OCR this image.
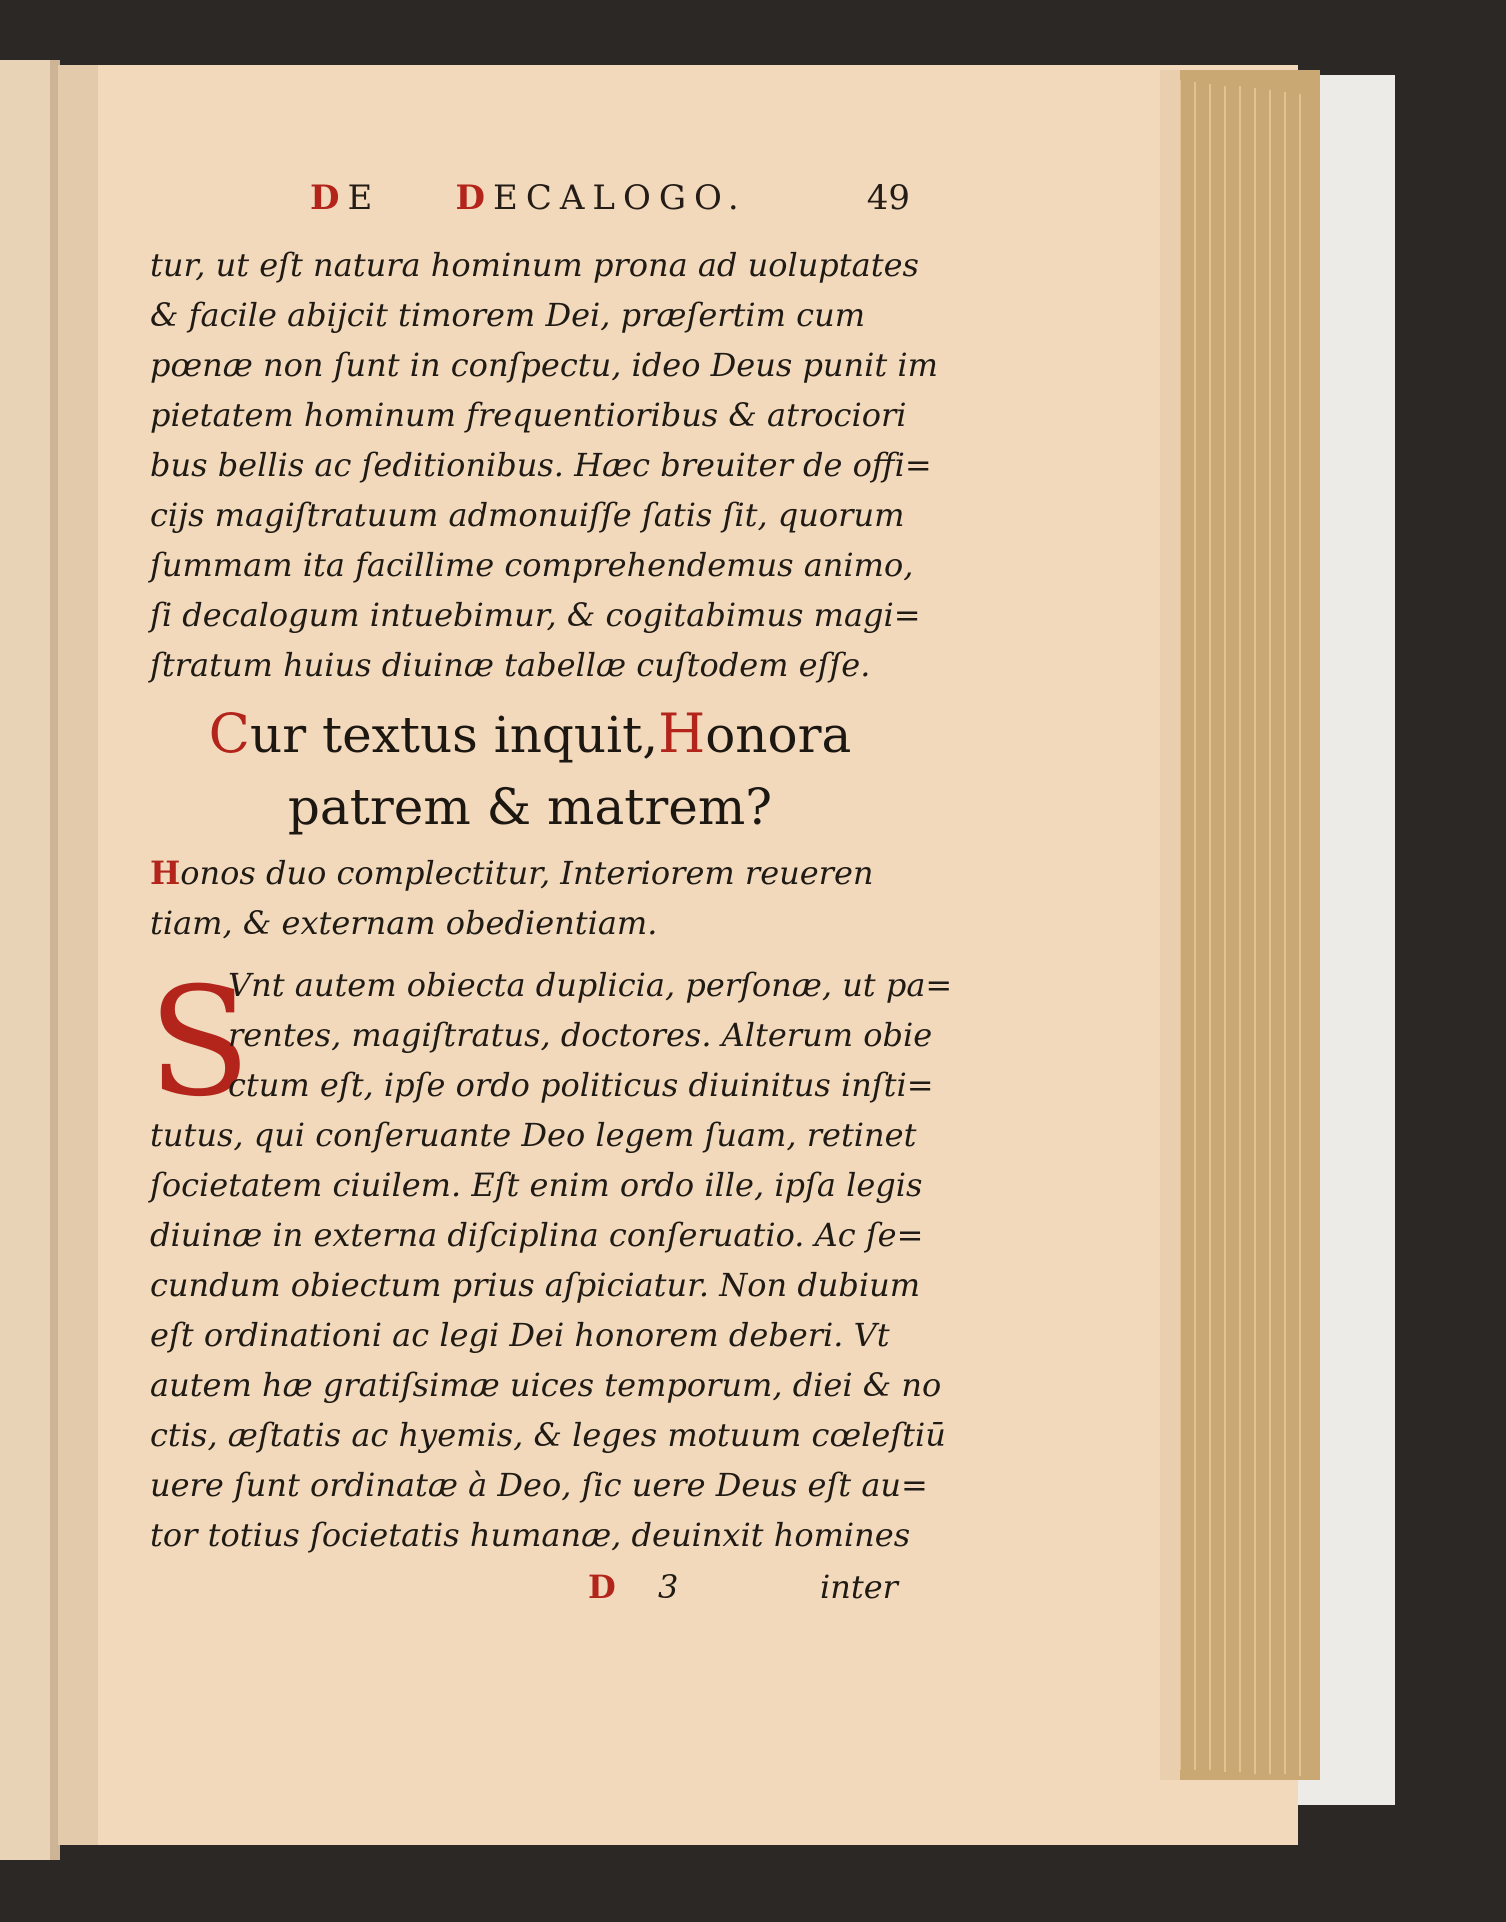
DE DECALOGO.	49
tur, ut eſt natura hominum prona ad uoluptates
& facile abijcit timorem Dei, præſertim cum
pœnæ non ſunt in conſpectu, ideo Deus punit im
pietatem hominum frequentioribus & atrociori
bus bellis ac ſeditionibus. Hæc breuiter de offi=
cijs magiſtratuum admonuiſſe ſatis ſit, quorum
ſummam ita facillime comprehendemus animo,
ſi decalogum intuebimur, & cogitabimus magi=
ſtratum huius diuinæ tabellæ cuſtodem eſſe.
Cur textus inquit,Honora
patrem & matrem?
Honos duo complectitur, Interiorem reueren
tiam, & externam obedientiam.
S
Vnt autem obiecta duplicia, perſonæ, ut pa=
rentes, magiſtratus, doctores. Alterum obie
ctum eſt, ipſe ordo politicus diuinitus inſti=
tutus, qui conſeruante Deo legem ſuam, retinet
ſocietatem ciuilem. Eſt enim ordo ille, ipſa legis
diuinæ in externa diſciplina conſeruatio. Ac ſe=
cundum obiectum prius aſpiciatur. Non dubium
eſt ordinationi ac legi Dei honorem deberi. Vt
autem hæ gratiſsimæ uices temporum, diei & no
ctis, æſtatis ac hyemis, & leges motuum cœleſtiū
uere ſunt ordinatæ à Deo, ſic uere Deus eſt au=
tor totius ſocietatis humanæ, deuinxit homines
D 3	inter
